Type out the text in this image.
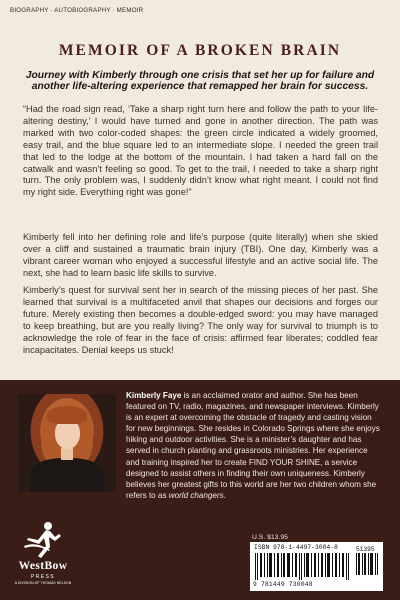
BIOGRAPHY · AUTOBIOGRAPHY · MEMOIR
MEMOIR OF A BROKEN BRAIN
Journey with Kimberly through one crisis that set her up for failure and another life-altering experience that remapped her brain for success.

“Had the road sign read, ‘Take a sharp right turn here and follow the path to your life-altering destiny,’ I would have turned and gone in another direction. The path was marked with two color-coded shapes: the green circle indicated a widely groomed, easy trail, and the blue square led to an intermediate slope. I needed the green trail that led to the lodge at the bottom of the mountain. I had taken a hard fall on the catwalk and wasn’t feeling so good. To get to the trail, I needed to take a sharp right turn. The only problem was, I suddenly didn’t know what right meant. I could not find my right side. Everything right was gone!”

Kimberly fell into her defining role and life’s purpose (quite literally) when she skied over a cliff and sustained a traumatic brain injury (TBI). One day, Kimberly was a vibrant career woman who enjoyed a successful lifestyle and an active social life. The next, she had to learn basic life skills to survive.

Kimberly’s quest for survival sent her in search of the missing pieces of her past. She learned that survival is a multifaceted anvil that shapes our decisions and forges our future. Merely existing then becomes a double-edged sword: you may have managed to keep breathing, but are you really living? The only way for survival to triumph is to acknowledge the role of fear in the face of crisis: affirmed fear liberates; coddled fear incapacitates. Denial keeps us stuck!

Kimberly Faye is an acclaimed orator and author. She has been featured on TV, radio, magazines, and newspaper interviews. Kimberly is an expert at overcoming the obstacle of tragedy and casting vision for new beginnings. She resides in Colorado Springs where she enjoys hiking and outdoor activities. She is a minister’s daughter and has served in church planting and grassroots ministries. Her experience and training inspired her to create FIND YOUR SHINE, a service designed to assist others in finding their own uniqueness. Kimberly believes her greatest gifts to this world are her two children whom she refers to as world changers.

U.S. $13.95
ISBN 978-1-4497-3004-8	51395
9 781449 730048
WestBow
PRESS
A DIVISION OF THOMAS NELSON
